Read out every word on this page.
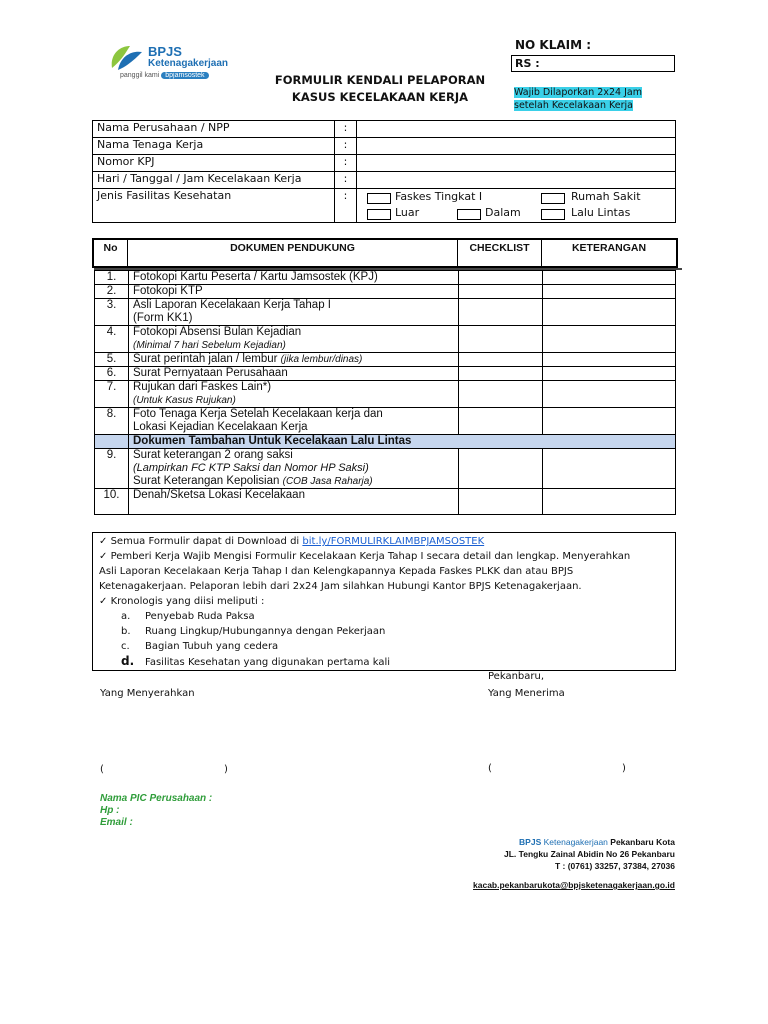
BPJS
Ketenagakerjaan
panggil kami bpjamsostek	FORMULIR KENDALI PELAPORAN
KASUS KECELAKAAN KERJA
NO KLAIM :
RS :
Wajib Dilaporkan 2x24 Jam
setelah Kecelakaan Kerja
Nama Perusahaan / NPP	:	
Nama Tenaga Kerja	:	
Nomor KPJ	:	
Hari / Tanggal / Jam Kecelakaan Kerja	:	
Jenis Fasilitas Kesehatan	:	Faskes Tingkat I Rumah Sakit
Luar Dalam Lalu Lintas
No	DOKUMEN PENDUKUNG	CHECKLIST	KETERANGAN
1.	Fotokopi Kartu Peserta / Kartu Jamsostek (KPJ)		
2.	Fotokopi KTP		
3.	Asli Laporan Kecelakaan Kerja Tahap I
(Form KK1)		

4.	Fotokopi Absensi Bulan Kejadian
(Minimal 7 hari Sebelum Kejadian)		

5.	Surat perintah jalan / lembur (jika lembur/dinas)		
6.	Surat Pernyataan Perusahaan		
7.	Rujukan dari Faskes Lain*)
(Untuk Kasus Rujukan)		

8.	Foto Tenaga Kerja Setelah Kecelakaan kerja dan
Lokasi Kejadian Kecelakaan Kerja		

	Dokumen Tambahan Untuk Kecelakaan Lalu Lintas		
9.	Surat keterangan 2 orang saksi
(Lampirkan FC KTP Saksi dan Nomor HP Saksi)
Surat Keterangan Kepolisian (COB Jasa Raharja)		

10.	Denah/Sketsa Lokasi Kecelakaan		
✓ Semua Formulir dapat di Download di bit.ly/FORMULIRKLAIMBPJAMSOSTEK
✓ Pemberi Kerja Wajib Mengisi Formulir Kecelakaan Kerja Tahap I secara detail dan lengkap. Menyerahkan
Asli Laporan Kecelakaan Kerja Tahap I dan Kelengkapannya Kepada Faskes PLKK dan atau BPJS
Ketenagakerjaan. Pelaporan lebih dari 2x24 Jam silahkan Hubungi Kantor BPJS Ketenagakerjaan.
✓ Kronologis yang diisi meliputi :
a. Penyebab Ruda Paksa
b. Ruang Lingkup/Hubungannya dengan Pekerjaan
c. Bagian Tubuh yang cedera
d. Fasilitas Kesehatan yang digunakan pertama kali
Pekanbaru,
Yang Menyerahkan	Yang Menerima
(	)	(	)
Nama PIC Perusahaan :
Hp :
Email :
BPJS Ketenagakerjaan Pekanbaru Kota
JL. Tengku Zainal Abidin No 26 Pekanbaru
T : (0761) 33257, 37384, 27036
kacab.pekanbarukota@bpjsketenagakerjaan.go.id
